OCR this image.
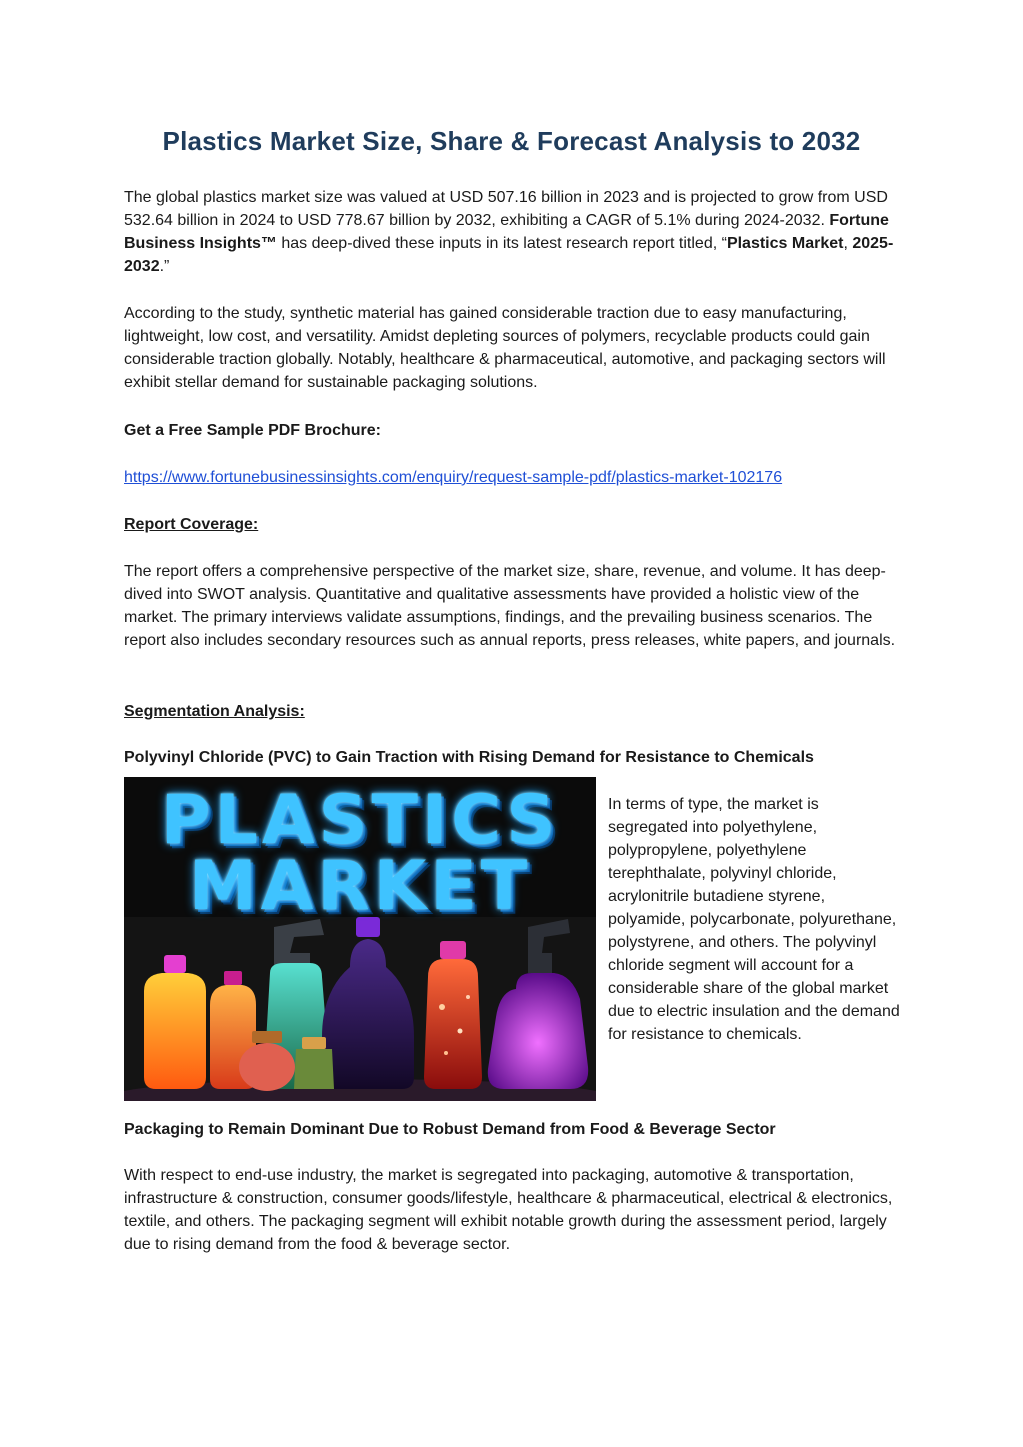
Plastics Market Size, Share & Forecast Analysis to 2032
The global plastics market size was valued at USD 507.16 billion in 2023 and is projected to grow from USD 532.64 billion in 2024 to USD 778.67 billion by 2032, exhibiting a CAGR of 5.1% during 2024-2032. Fortune Business Insights™ has deep-dived these inputs in its latest research report titled, “Plastics Market, 2025-2032.”
According to the study, synthetic material has gained considerable traction due to easy manufacturing, lightweight, low cost, and versatility. Amidst depleting sources of polymers, recyclable products could gain considerable traction globally. Notably, healthcare & pharmaceutical, automotive, and packaging sectors will exhibit stellar demand for sustainable packaging solutions.
Get a Free Sample PDF Brochure:
https://www.fortunebusinessinsights.com/enquiry/request-sample-pdf/plastics-market-102176
Report Coverage:
The report offers a comprehensive perspective of the market size, share, revenue, and volume. It has deep-dived into SWOT analysis. Quantitative and qualitative assessments have provided a holistic view of the market. The primary interviews validate assumptions, findings, and the prevailing business scenarios. The report also includes secondary resources such as annual reports, press releases, white papers, and journals.
Segmentation Analysis:
Polyvinyl Chloride (PVC) to Gain Traction with Rising Demand for Resistance to Chemicals
PLASTICS
MARKET
In terms of type, the market is segregated into polyethylene, polypropylene, polyethylene terephthalate, polyvinyl chloride, acrylonitrile butadiene styrene, polyamide, polycarbonate, polyurethane, polystyrene, and others. The polyvinyl chloride segment will account for a considerable share of the global market due to electric insulation and the demand for resistance to chemicals.
Packaging to Remain Dominant Due to Robust Demand from Food & Beverage Sector
With respect to end-use industry, the market is segregated into packaging, automotive & transportation, infrastructure & construction, consumer goods/lifestyle, healthcare & pharmaceutical, electrical & electronics, textile, and others. The packaging segment will exhibit notable growth during the assessment period, largely due to rising demand from the food & beverage sector.
